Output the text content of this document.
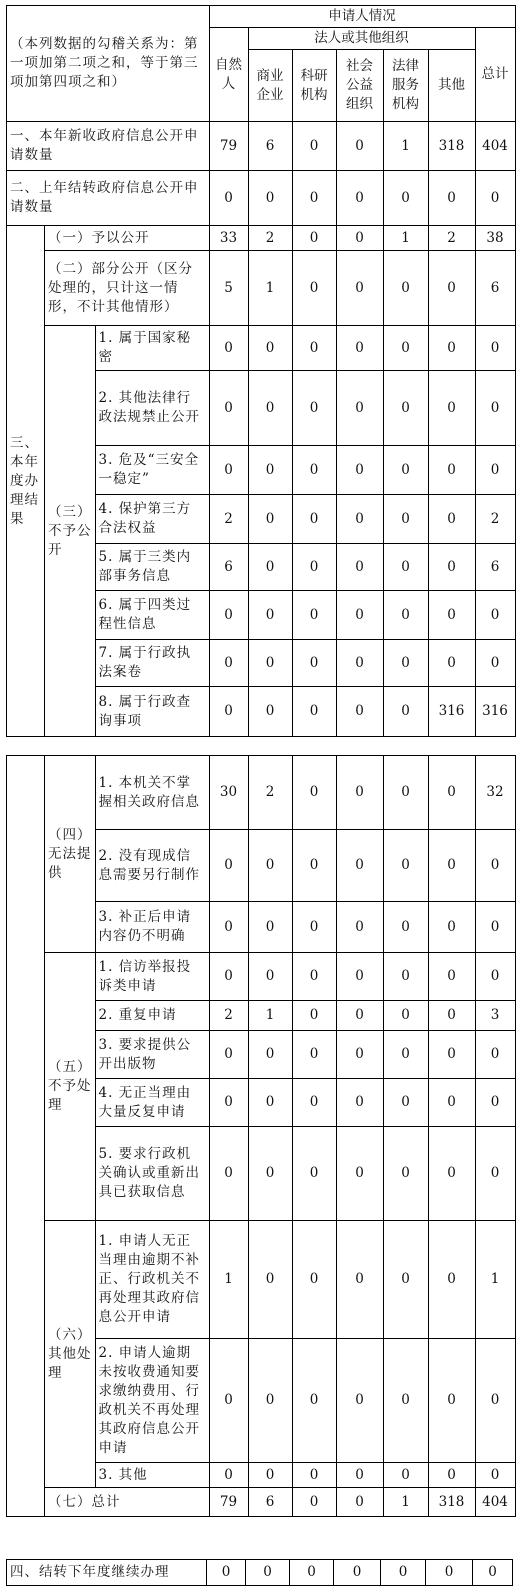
（本列数据的勾稽关系为：第一项加第二项之和，等于第三项加第四项之和）			申请人情况						
			自然人	法人或其他组织					总计
				商业企业	科研机构	社会公益组织	法律服务机构	其他	
一、本年新收政府信息公开申请数量			79	6	0	0	1	318	404
二、上年结转政府信息公开申请数量			0	0	0	0	0	0	0
三、本年度办理结果	（一）予以公开		33	2	0	0	1	2	38
	（二）部分公开（区分处理的，只计这一情形，不计其他情形）		5	1	0	0	0	0	6
	（三）不予公开	1. 属于国家秘密	0	0	0	0	0	0	0
		2. 其他法律行政法规禁止公开	0	0	0	0	0	0	0
		3. 危及“三安全一稳定”	0	0	0	0	0	0	0
		4. 保护第三方合法权益	2	0	0	0	0	0	2
		5. 属于三类内部事务信息	6	0	0	0	0	0	6
		6. 属于四类过程性信息	0	0	0	0	0	0	0
		7. 属于行政执法案卷	0	0	0	0	0	0	0
		8. 属于行政查询事项	0	0	0	0	0	316	316
	（四）无法提供	1. 本机关不掌握相关政府信息	30	2	0	0	0	0	32
		2. 没有现成信息需要另行制作	0	0	0	0	0	0	0
		3. 补正后申请内容仍不明确	0	0	0	0	0	0	0
	（五）不予处理	1. 信访举报投诉类申请	0	0	0	0	0	0	0
		2. 重复申请	2	1	0	0	0	0	3
		3. 要求提供公开出版物	0	0	0	0	0	0	0
		4. 无正当理由大量反复申请	0	0	0	0	0	0	0
		5. 要求行政机关确认或重新出具已获取信息	0	0	0	0	0	0	0
	（六）其他处理	1. 申请人无正当理由逾期不补正、行政机关不再处理其政府信息公开申请	1	0	0	0	0	0	1
		2. 申请人逾期未按收费通知要求缴纳费用、行政机关不再处理其政府信息公开申请	0	0	0	0	0	0	0
		3. 其他	0	0	0	0	0	0	0
	（七）总计		79	6	0	0	1	318	404
四、结转下年度继续办理	0	0	0	0	0	0	0
